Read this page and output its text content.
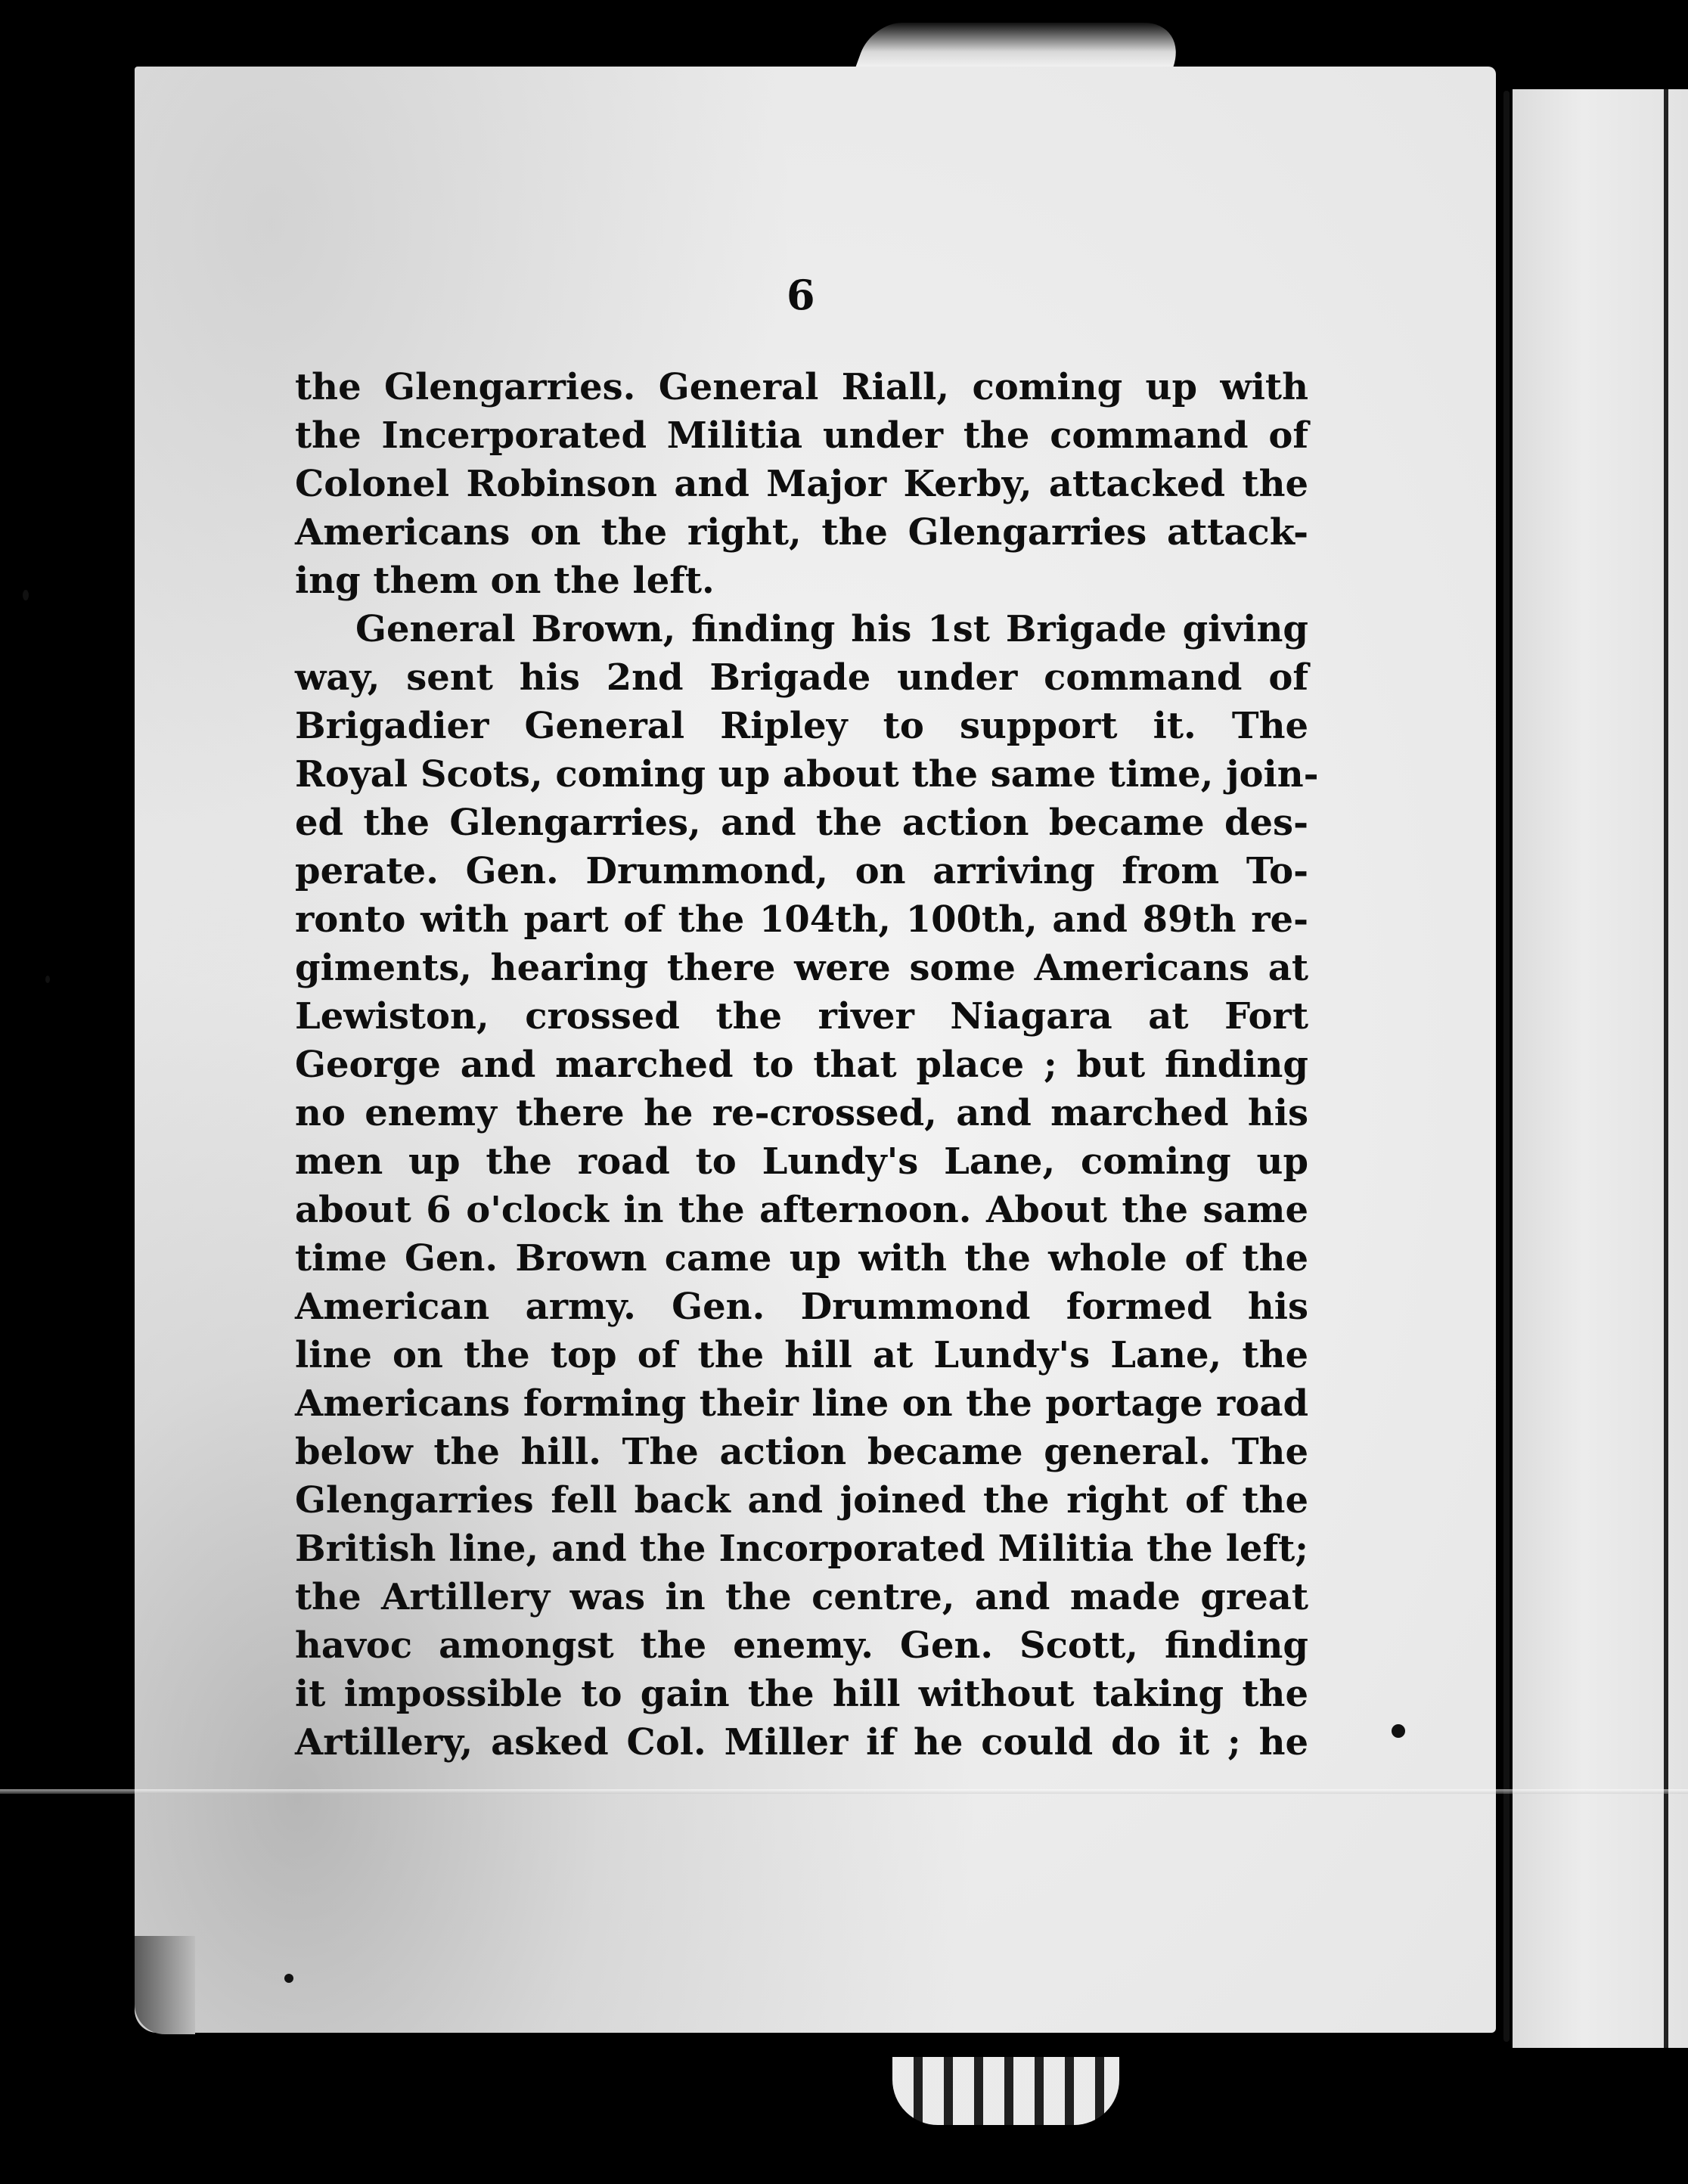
6
the Glengarries. General Riall, coming up with
the Incerporated Militia under the command of
Colonel Robinson and Major Kerby, attacked the
Americans on the right, the Glengarries attack-
ing them on the left.
General Brown, finding his 1st Brigade giving
way, sent his 2nd Brigade under command of
Brigadier General Ripley to support it. The
Royal Scots, coming up about the same time, join-
ed the Glengarries, and the action became des-
perate. Gen. Drummond, on arriving from To-
ronto with part of the 104th, 100th, and 89th re-
giments, hearing there were some Americans at
Lewiston, crossed the river Niagara at Fort
George and marched to that place ; but finding
no enemy there he re-crossed, and marched his
men up the road to Lundy's Lane, coming up
about 6 o'clock in the afternoon. About the same
time Gen. Brown came up with the whole of the
American army. Gen. Drummond formed his
line on the top of the hill at Lundy's Lane, the
Americans forming their line on the portage road
below the hill. The action became general. The
Glengarries fell back and joined the right of the
British line, and the Incorporated Militia the left;
the Artillery was in the centre, and made great
havoc amongst the enemy. Gen. Scott, finding
it impossible to gain the hill without taking the
Artillery, asked Col. Miller if he could do it ; he
